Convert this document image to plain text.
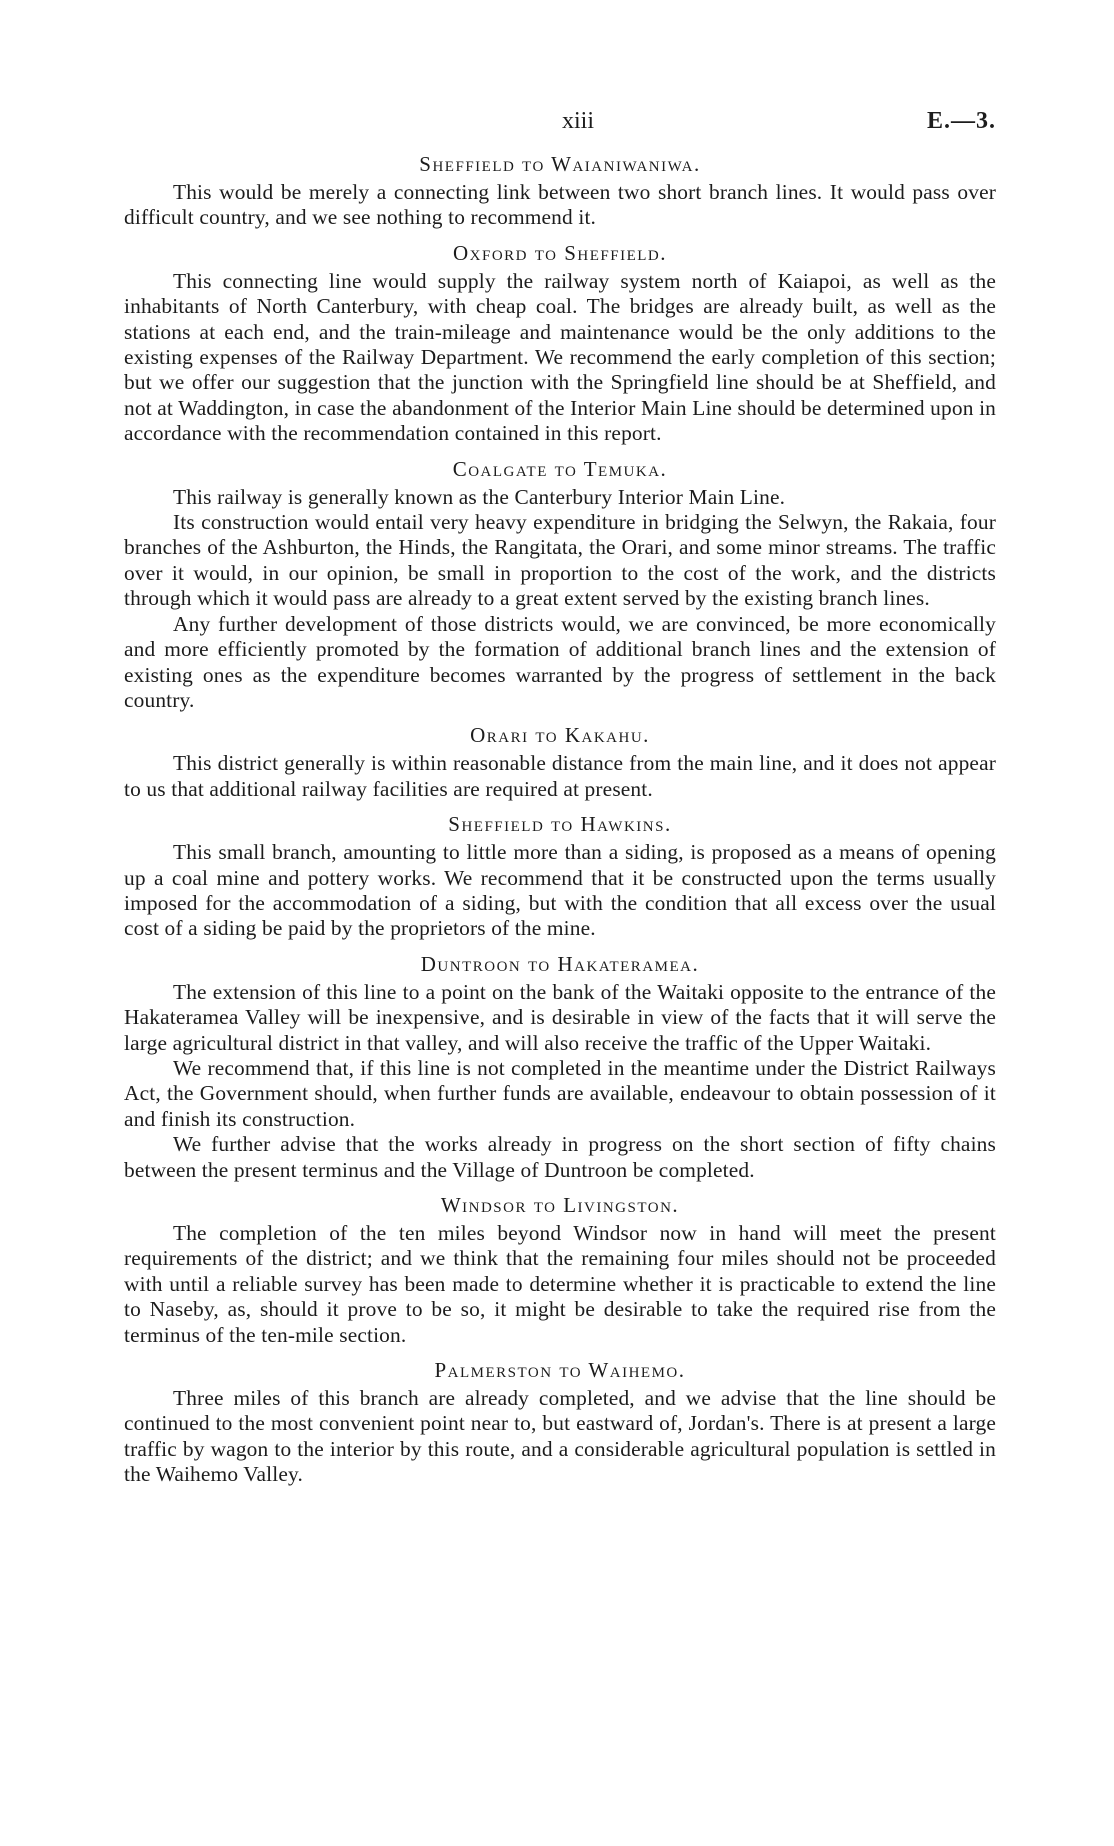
xiii	E.—3.
Sheffield to Waianiwaniwa.

This would be merely a connecting link between two short branch lines. It would pass over difficult country, and we see nothing to recommend it.

Oxford to Sheffield.

This connecting line would supply the railway system north of Kaiapoi, as well as the inhabitants of North Canterbury, with cheap coal. The bridges are already built, as well as the stations at each end, and the train-mileage and maintenance would be the only additions to the existing expenses of the Railway Department. We recommend the early completion of this section; but we offer our suggestion that the junction with the Springfield line should be at Sheffield, and not at Waddington, in case the abandonment of the Interior Main Line should be determined upon in accordance with the recommendation contained in this report.

Coalgate to Temuka.

This railway is generally known as the Canterbury Interior Main Line.

Its construction would entail very heavy expenditure in bridging the Selwyn, the Rakaia, four branches of the Ashburton, the Hinds, the Rangitata, the Orari, and some minor streams. The traffic over it would, in our opinion, be small in proportion to the cost of the work, and the districts through which it would pass are already to a great extent served by the existing branch lines.

Any further development of those districts would, we are convinced, be more economically and more efficiently promoted by the formation of additional branch lines and the extension of existing ones as the expenditure becomes warranted by the progress of settlement in the back country.

Orari to Kakahu.

This district generally is within reasonable distance from the main line, and it does not appear to us that additional railway facilities are required at present.

Sheffield to Hawkins.

This small branch, amounting to little more than a siding, is proposed as a means of opening up a coal mine and pottery works. We recommend that it be constructed upon the terms usually imposed for the accommodation of a siding, but with the condition that all excess over the usual cost of a siding be paid by the proprietors of the mine.

Duntroon to Hakateramea.

The extension of this line to a point on the bank of the Waitaki opposite to the entrance of the Hakateramea Valley will be inexpensive, and is desirable in view of the facts that it will serve the large agricultural district in that valley, and will also receive the traffic of the Upper Waitaki.

We recommend that, if this line is not completed in the meantime under the District Railways Act, the Government should, when further funds are available, endeavour to obtain possession of it and finish its construction.

We further advise that the works already in progress on the short section of fifty chains between the present terminus and the Village of Duntroon be completed.

Windsor to Livingston.

The completion of the ten miles beyond Windsor now in hand will meet the present requirements of the district; and we think that the remaining four miles should not be proceeded with until a reliable survey has been made to determine whether it is practicable to extend the line to Naseby, as, should it prove to be so, it might be desirable to take the required rise from the terminus of the ten-mile section.

Palmerston to Waihemo.

Three miles of this branch are already completed, and we advise that the line should be continued to the most convenient point near to, but eastward of, Jordan's. There is at present a large traffic by wagon to the interior by this route, and a considerable agricultural population is settled in the Waihemo Valley.
